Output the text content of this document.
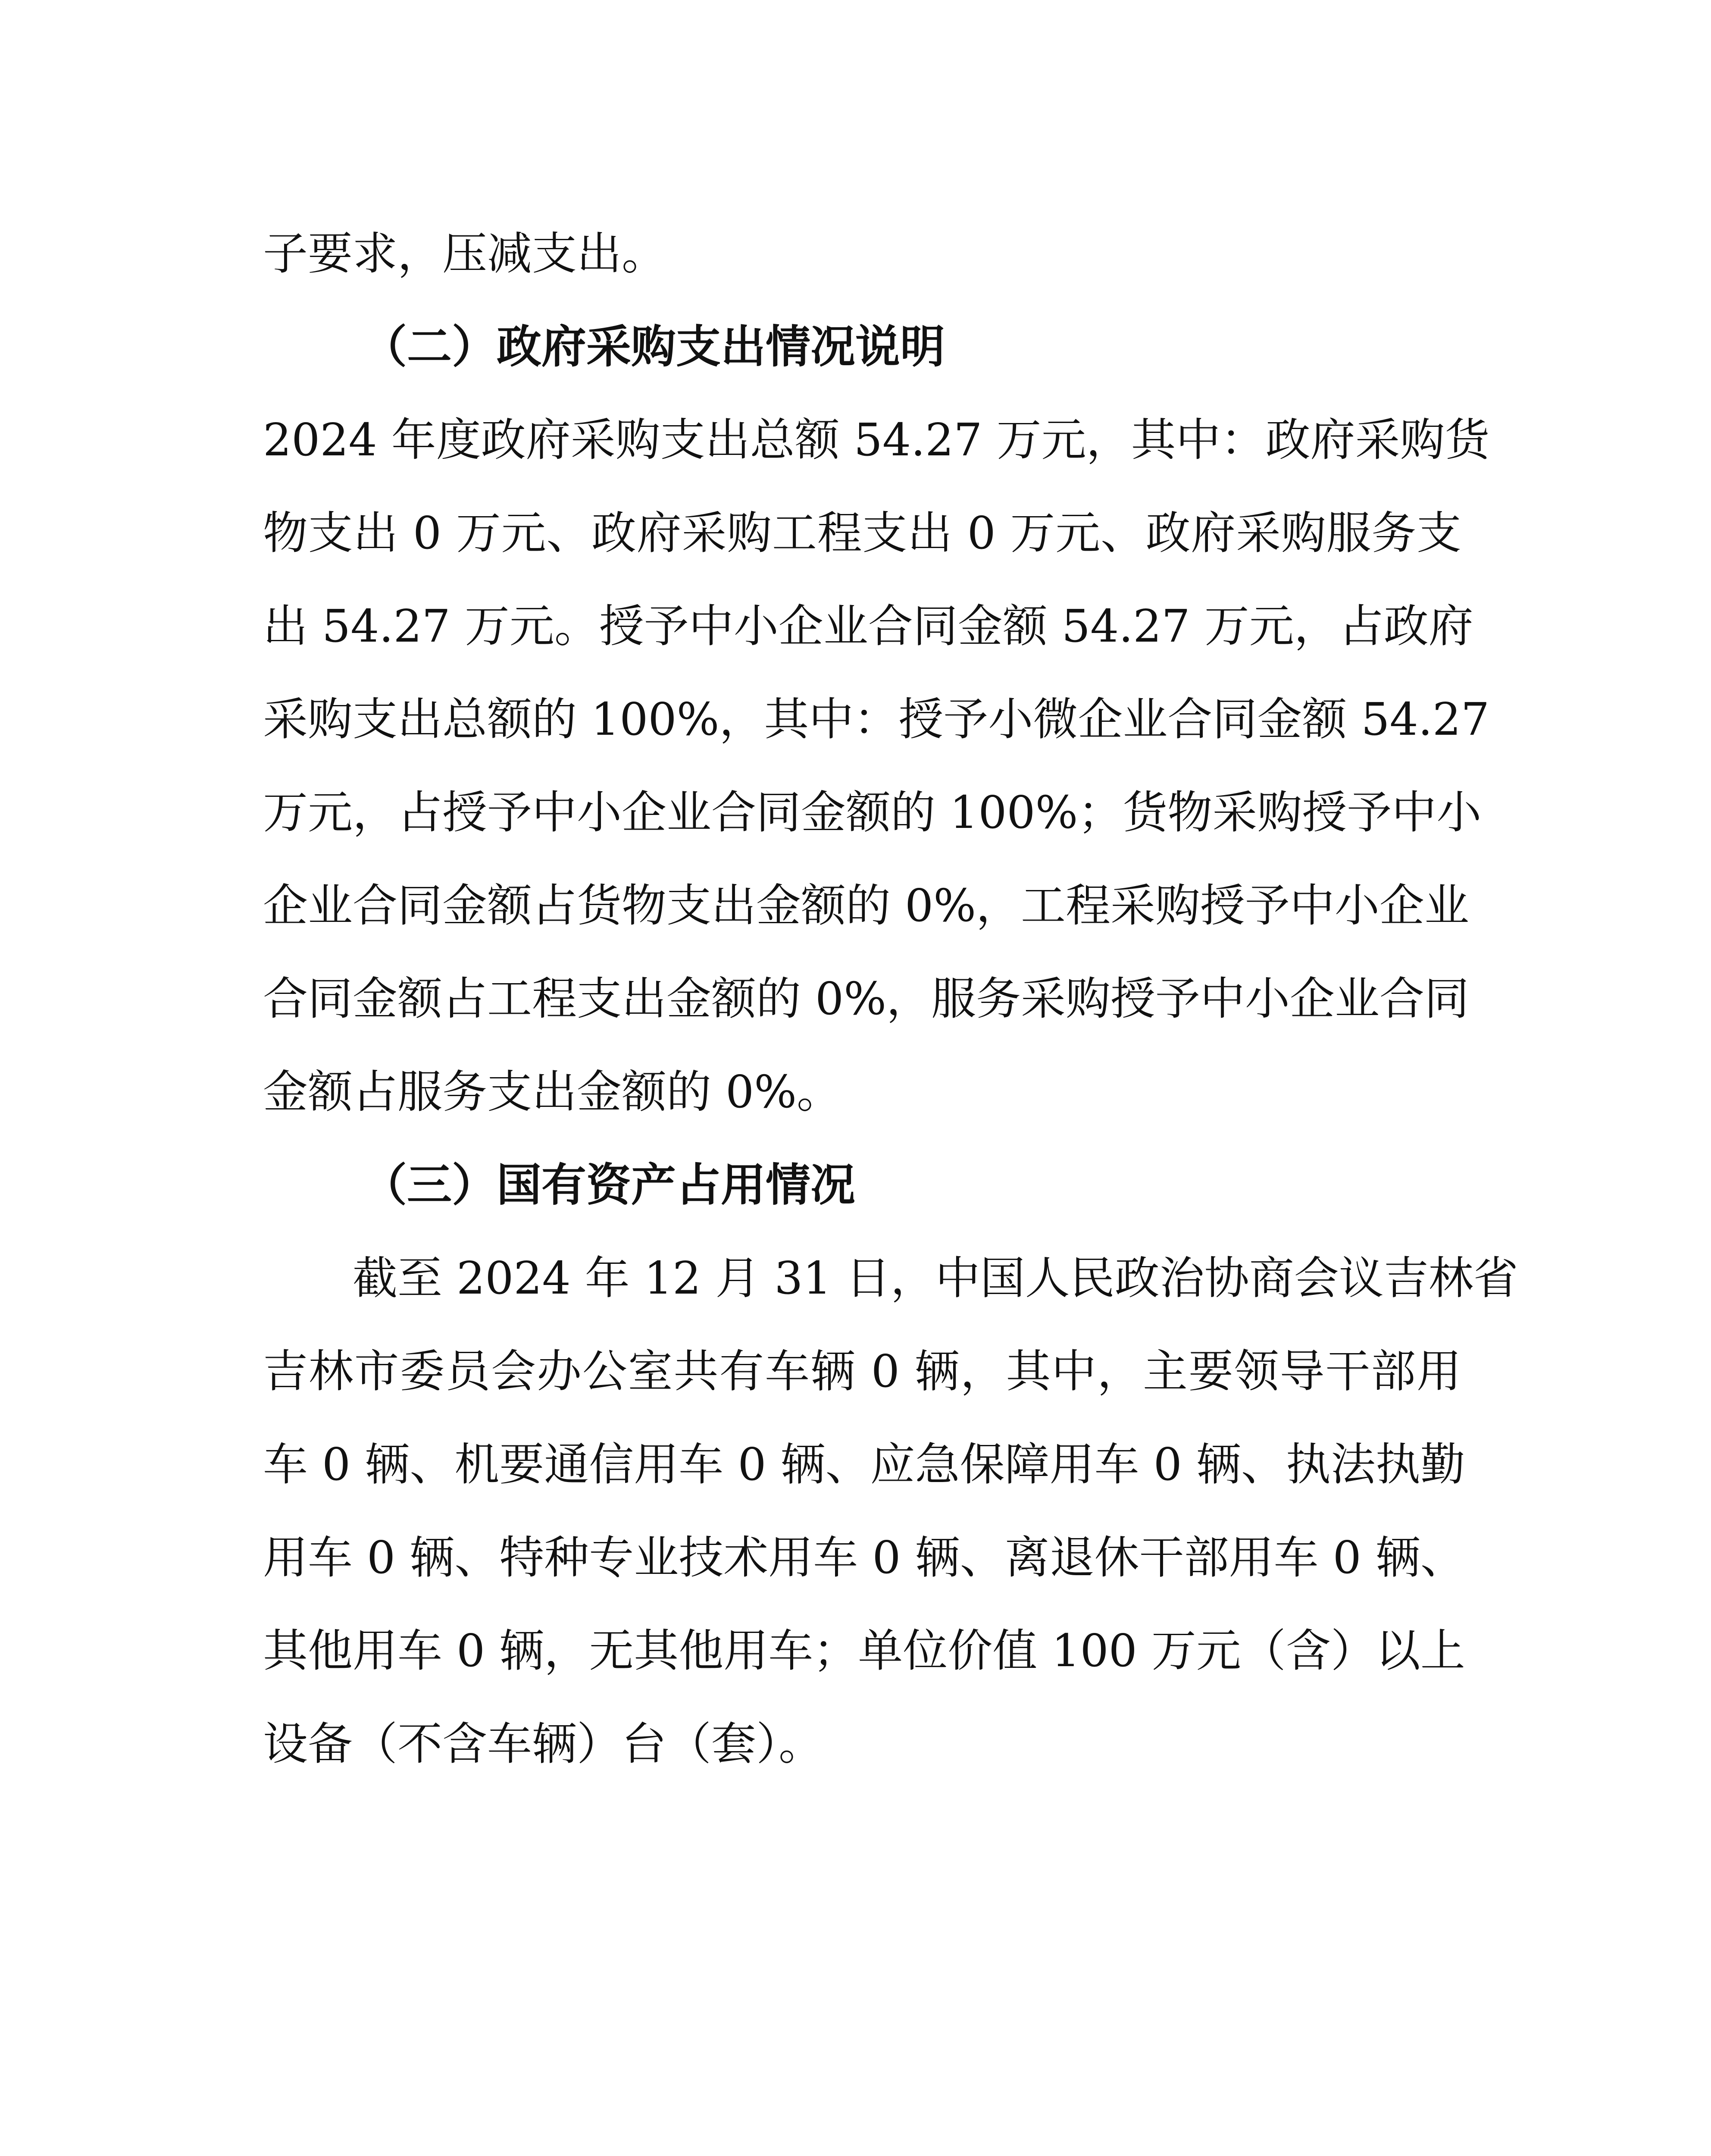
子要求，压减支出。
（二）政府采购支出情况说明
2024 年度政府采购支出总额 54.27 万元，其中：政府采购货
物支出 0 万元、政府采购工程支出 0 万元、政府采购服务支
出 54.27 万元。授予中小企业合同金额 54.27 万元，占政府
采购支出总额的 100%，其中：授予小微企业合同金额 54.27
万元，占授予中小企业合同金额的 100%；货物采购授予中小
企业合同金额占货物支出金额的 0%，工程采购授予中小企业
合同金额占工程支出金额的 0%，服务采购授予中小企业合同
金额占服务支出金额的 0%。
（三）国有资产占用情况
截至 2024 年 12 月 31 日，中国人民政治协商会议吉林省
吉林市委员会办公室共有车辆 0 辆，其中，主要领导干部用
车 0 辆、机要通信用车 0 辆、应急保障用车 0 辆、执法执勤
用车 0 辆、特种专业技术用车 0 辆、离退休干部用车 0 辆、
其他用车 0 辆，无其他用车；单位价值 100 万元（含）以上
设备（不含车辆）台（套）。
